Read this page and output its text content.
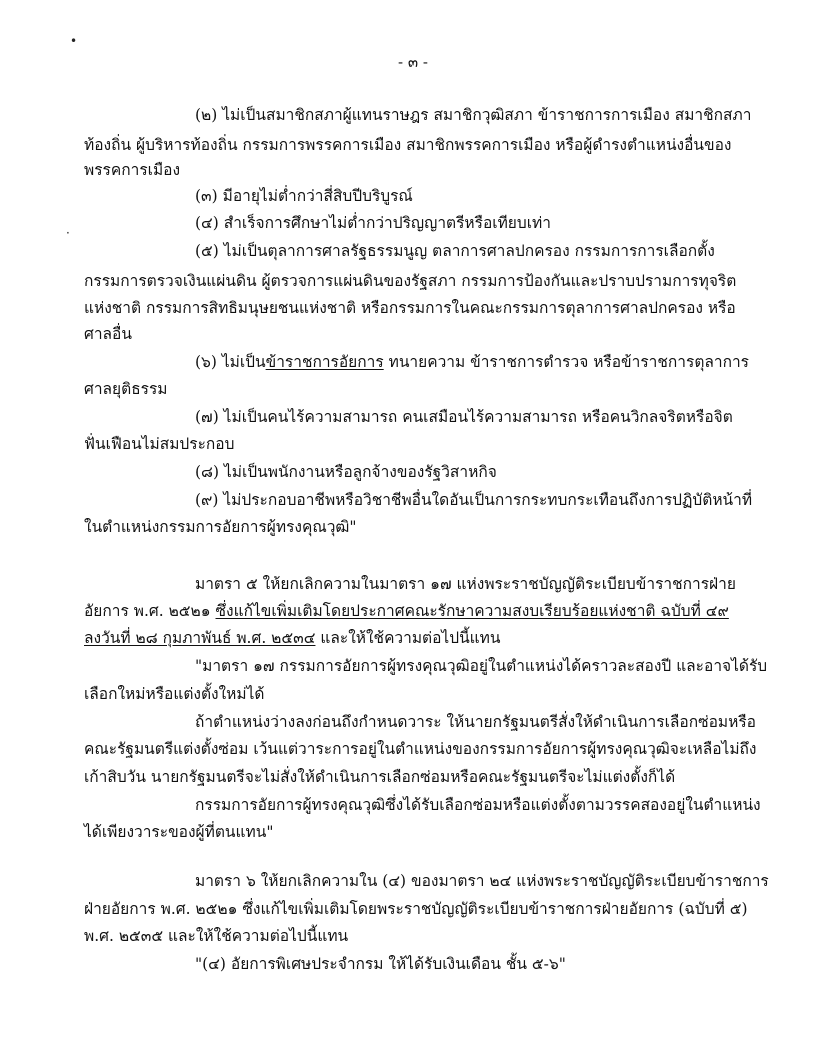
•
·
- ๓ -
(๒) ไม่เป็นสมาชิกสภาผู้แทนราษฎร สมาชิกวุฒิสภา ข้าราชการการเมือง สมาชิกสภา
ท้องถิ่น ผู้บริหารท้องถิ่น กรรมการพรรคการเมือง สมาชิกพรรคการเมือง หรือผู้ดำรงตำแหน่งอื่นของ
พรรคการเมือง
(๓) มีอายุไม่ต่ำกว่าสี่สิบปีบริบูรณ์
(๔) สำเร็จการศึกษาไม่ต่ำกว่าปริญญาตรีหรือเทียบเท่า
(๕) ไม่เป็นตุลาการศาลรัฐธรรมนูญ ตลาการศาลปกครอง กรรมการการเลือกตั้ง
กรรมการตรวจเงินแผ่นดิน ผู้ตรวจการแผ่นดินของรัฐสภา กรรมการป้องกันและปราบปรามการทุจริต
แห่งชาติ กรรมการสิทธิมนุษยชนแห่งชาติ หรือกรรมการในคณะกรรมการตุลาการศาลปกครอง หรือ
ศาลอื่น
(๖) ไม่เป็นข้าราชการอัยการ ทนายความ ข้าราชการตำรวจ หรือข้าราชการตุลาการ
ศาลยุติธรรม
(๗) ไม่เป็นคนไร้ความสามารถ คนเสมือนไร้ความสามารถ หรือคนวิกลจริตหรือจิต
ฟั่นเฟือนไม่สมประกอบ
(๘) ไม่เป็นพนักงานหรือลูกจ้างของรัฐวิสาหกิจ
(๙) ไม่ประกอบอาชีพหรือวิชาชีพอื่นใดอันเป็นการกระทบกระเทือนถึงการปฏิบัติหน้าที่
ในตำแหน่งกรรมการอัยการผู้ทรงคุณวุฒิ"
มาตรา ๕ ให้ยกเลิกความในมาตรา ๑๗ แห่งพระราชบัญญัติระเบียบข้าราชการฝ่าย
อัยการ พ.ศ. ๒๕๒๑ ซึ่งแก้ไขเพิ่มเติมโดยประกาศคณะรักษาความสงบเรียบร้อยแห่งชาติ ฉบับที่ ๔๙
ลงวันที่ ๒๘ กุมภาพันธ์ พ.ศ. ๒๕๓๔ และให้ใช้ความต่อไปนี้แทน
"มาตรา ๑๗ กรรมการอัยการผู้ทรงคุณวุฒิอยู่ในตำแหน่งได้คราวละสองปี และอาจได้รับ
เลือกใหม่หรือแต่งตั้งใหม่ได้
ถ้าตำแหน่งว่างลงก่อนถึงกำหนดวาระ ให้นายกรัฐมนตรีสั่งให้ดำเนินการเลือกซ่อมหรือ
คณะรัฐมนตรีแต่งตั้งซ่อม เว้นแต่วาระการอยู่ในตำแหน่งของกรรมการอัยการผู้ทรงคุณวุฒิจะเหลือไม่ถึง
เก้าสิบวัน นายกรัฐมนตรีจะไม่สั่งให้ดำเนินการเลือกซ่อมหรือคณะรัฐมนตรีจะไม่แต่งตั้งก็ได้
กรรมการอัยการผู้ทรงคุณวุฒิซึ่งได้รับเลือกซ่อมหรือแต่งตั้งตามวรรคสองอยู่ในตำแหน่ง
ได้เพียงวาระของผู้ที่ตนแทน"
มาตรา ๖ ให้ยกเลิกความใน (๔) ของมาตรา ๒๔ แห่งพระราชบัญญัติระเบียบข้าราชการ
ฝ่ายอัยการ พ.ศ. ๒๕๒๑ ซึ่งแก้ไขเพิ่มเติมโดยพระราชบัญญัติระเบียบข้าราชการฝ่ายอัยการ (ฉบับที่ ๕)
พ.ศ. ๒๕๓๕ และให้ใช้ความต่อไปนี้แทน
"(๔) อัยการพิเศษประจำกรม ให้ได้รับเงินเดือน ชั้น ๕-๖"
